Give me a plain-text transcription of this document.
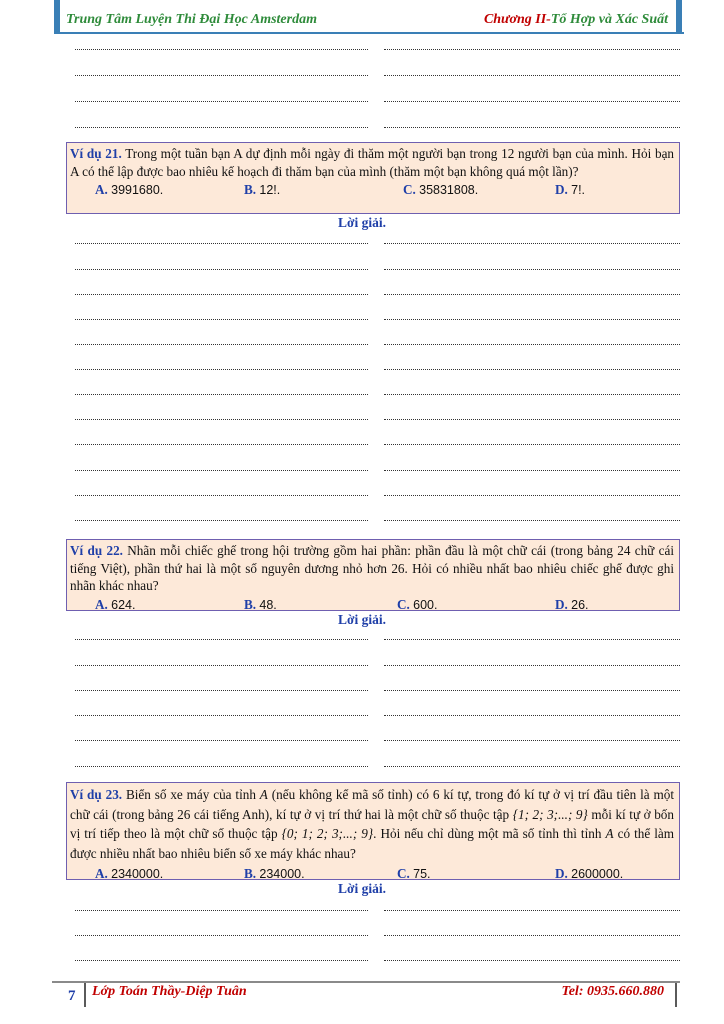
Trung Tâm Luyện Thi Đại Học Amsterdam	Chương II-Tổ Hợp và Xác Suất
Ví dụ 21. Trong một tuần bạn A dự định mỗi ngày đi thăm một người bạn trong 12 người bạn của mình. Hỏi bạn A có thể lập được bao nhiêu kế hoạch đi thăm bạn của mình (thăm một bạn không quá một lần)?
A. 3991680.	B. 12!.	C. 35831808.	D. 7!.
Lời giải.
Ví dụ 22. Nhãn mỗi chiếc ghế trong hội trường gồm hai phần: phần đầu là một chữ cái (trong bảng 24 chữ cái tiếng Việt), phần thứ hai là một số nguyên dương nhỏ hơn 26. Hỏi có nhiều nhất bao nhiêu chiếc ghế được ghi nhãn khác nhau?
A. 624.	B. 48.	C. 600.	D. 26.
Lời giải.
Ví dụ 23. Biển số xe máy của tỉnh A (nếu không kể mã số tỉnh) có 6 kí tự, trong đó kí tự ở vị trí đầu tiên là một chữ cái (trong bảng 26 cái tiếng Anh), kí tự ở vị trí thứ hai là một chữ số thuộc tập {1; 2; 3;...; 9} mỗi kí tự ở bốn vị trí tiếp theo là một chữ số thuộc tập {0; 1; 2; 3;...; 9}. Hỏi nếu chỉ dùng một mã số tỉnh thì tỉnh A có thể làm được nhiều nhất bao nhiêu biển số xe máy khác nhau?
A. 2340000.	B. 234000.	C. 75.	D. 2600000.
Lời giải.
7 Lớp Toán Thầy-Diệp Tuân	Tel: 0935.660.880
